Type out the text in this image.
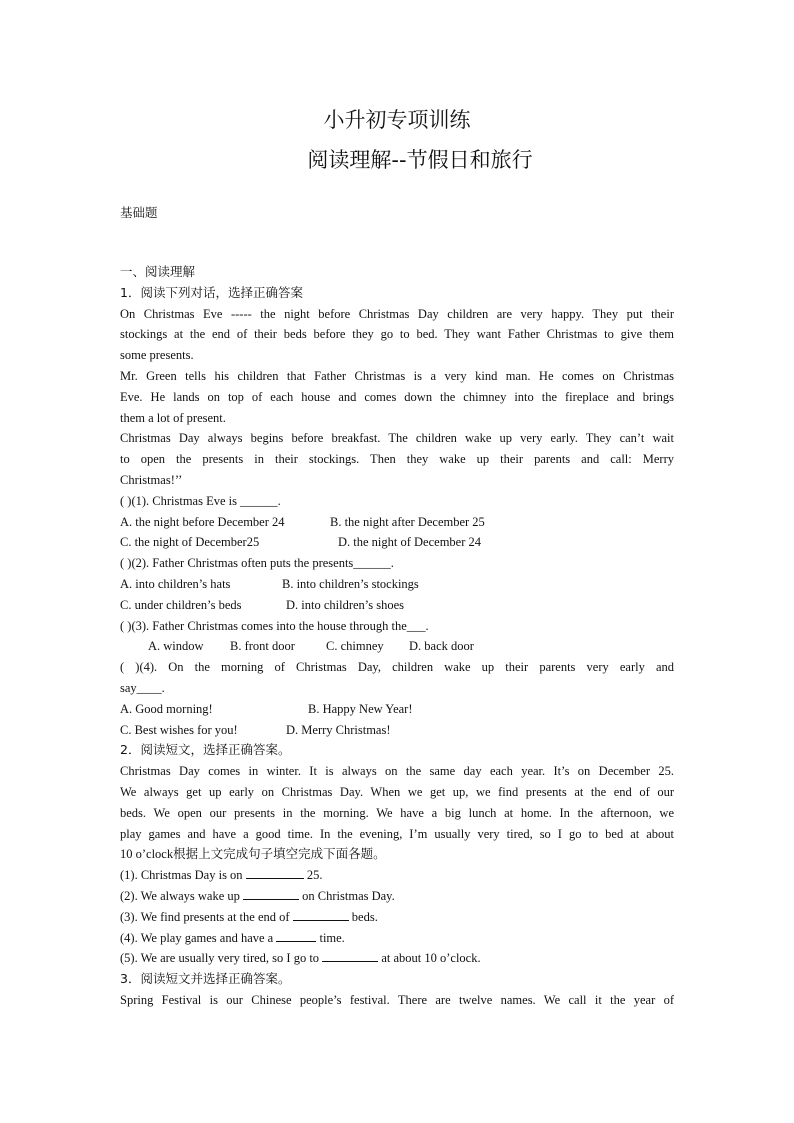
小升初专项训练
阅读理解--节假日和旅行
基础题
一、阅读理解
1．阅读下列对话，选择正确答案
On Christmas Eve ----- the night before Christmas Day children are very happy. They put their
stockings at the end of their beds before they go to bed. They want Father Christmas to give them
some presents.
Mr. Green tells his children that Father Christmas is a very kind man. He comes on Christmas
Eve. He lands on top of each house and comes down the chimney into the fireplace and brings
them a lot of present.
Christmas Day always begins before breakfast. The children wake up very early. They can’t wait
to open the presents in their stockings. Then they wake up their parents and call: Merry
Christmas!’’
( )(1). Christmas Eve is ______.
A. the night before December 24	B. the night after December 25
C. the night of December25	D. the night of December 24
( )(2). Father Christmas often puts the presents______.
A. into children’s hats	B. into children’s stockings
C. under children’s beds	D. into children’s shoes
( )(3). Father Christmas comes into the house through the___.
A. window B. front door C. chimney D. back door
( )(4). On the morning of Christmas Day, children wake up their parents very early and
say____.
A. Good morning!	B. Happy New Year!
C. Best wishes for you!	D. Merry Christmas!
2．阅读短文，选择正确答案。
Christmas Day comes in winter. It is always on the same day each year. It’s on December 25.
We always get up early on Christmas Day. When we get up, we find presents at the end of our
beds. We open our presents in the morning. We have a big lunch at home. In the afternoon, we
play games and have a good time. In the evening, I’m usually very tired, so I go to bed at about
10 o’clock根据上文完成句子填空完成下面各题。
(1). Christmas Day is on	25.
(2). We always wake up	on Christmas Day.
(3). We find presents at the end of	beds.
(4). We play games and have a	time.
(5). We are usually very tired, so I go to	at about 10 o’clock.
3．阅读短文并选择正确答案。
Spring Festival is our Chinese people’s festival. There are twelve names. We call it the year of
